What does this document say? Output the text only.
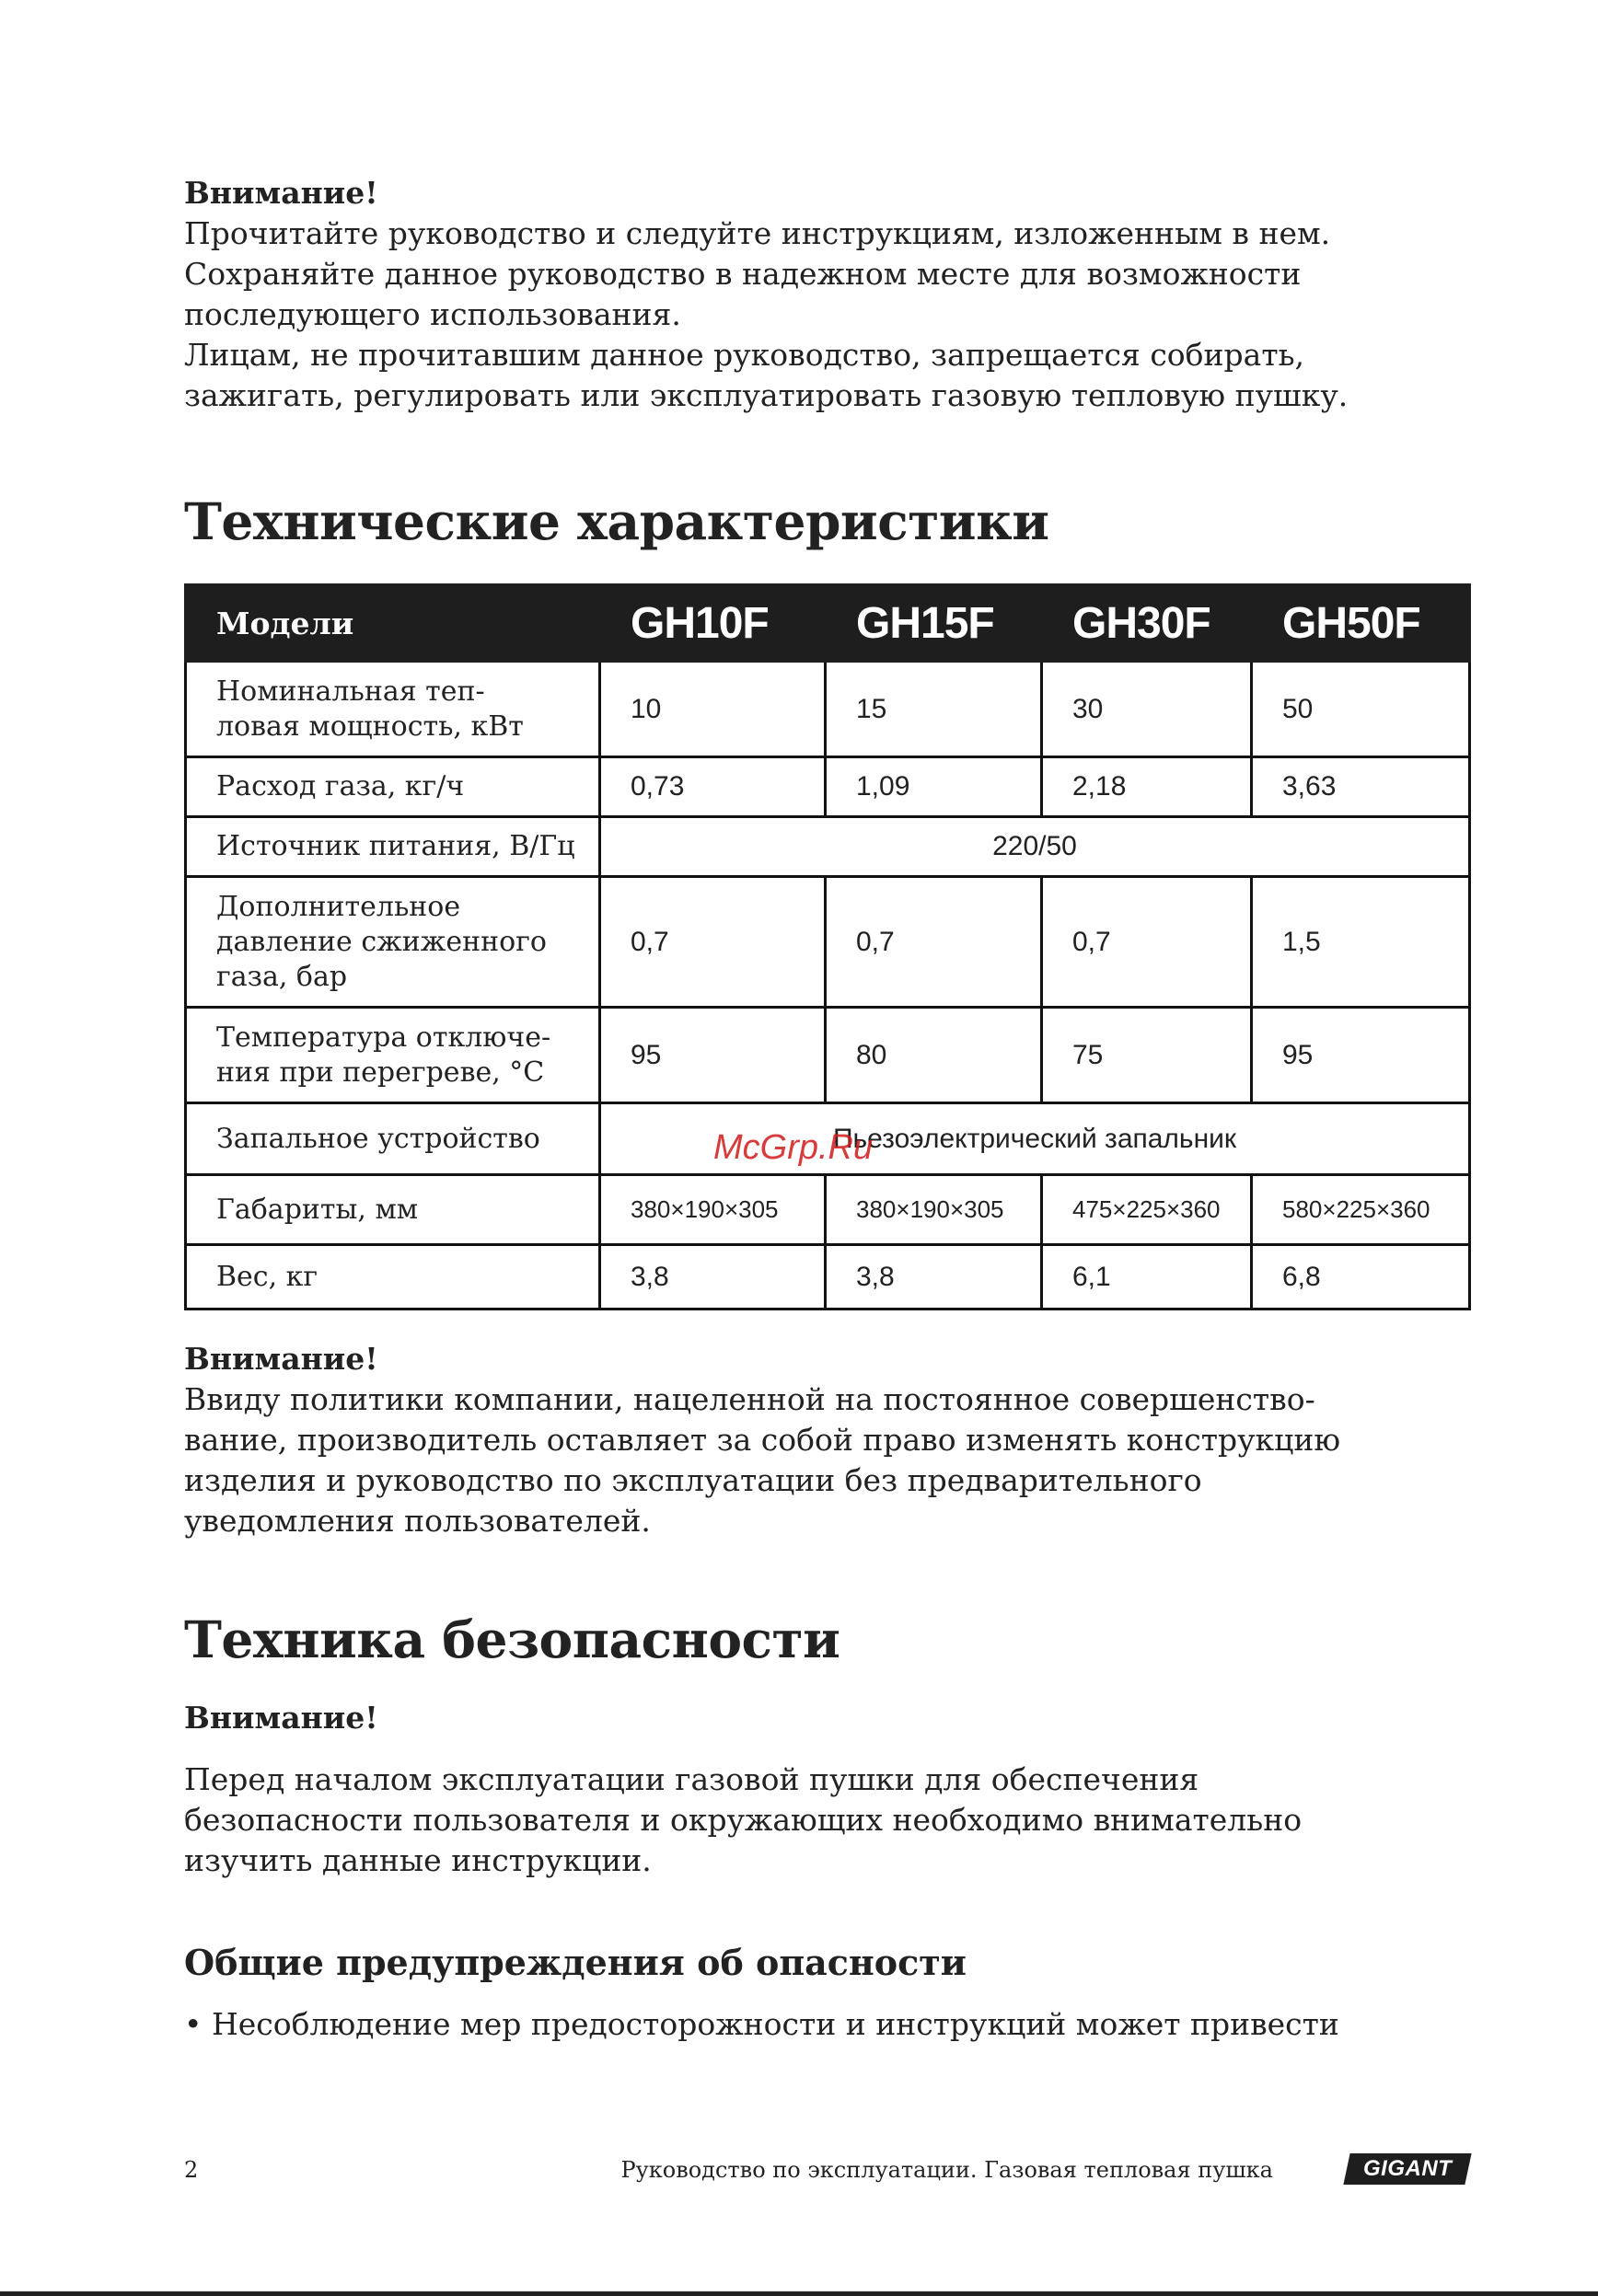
Внимание!

Прочитайте руководство и следуйте инструкциям, изложенным в нем.

Сохраняйте данное руководство в надежном месте для возможности

последующего использования.

Лицам, не прочитавшим данное руководство, запрещается собирать,

зажигать, регулировать или эксплуатировать газовую тепловую пушку.

Технические характеристики
Модели	GH10F	GH15F	GH30F	GH50F
Номинальная теп-
ловая мощность, кВт	10	15	30	50
Расход газа, кг/ч	0,73	1,09	2,18	3,63
Источник питания, В/Гц	220/50			
Дополнительное
давление сжиженного
газа, бар	0,7	0,7	0,7	1,5
Температура отключе-
ния при перегреве, °C	95	80	75	95
Запальное устройство	Пьезоэлектрический запальник			
Габариты, мм	380×190×305	380×190×305	475×225×360	580×225×360
Вес, кг	3,8	3,8	6,1	6,8

Внимание!

Ввиду политики компании, нацеленной на постоянное совершенство-

вание, производитель оставляет за собой право изменять конструкцию

изделия и руководство по эксплуатации без предварительного

уведомления пользователей.

Техника безопасности

Внимание!

Перед началом эксплуатации газовой пушки для обеспечения

безопасности пользователя и окружающих необходимо внимательно

изучить данные инструкции.

Общие предупреждения об опасности

• Несоблюдение мер предосторожности и инструкций может привести

McGrp.Ru
2	Руководство по эксплуатации. Газовая тепловая пушка	GIGANT
